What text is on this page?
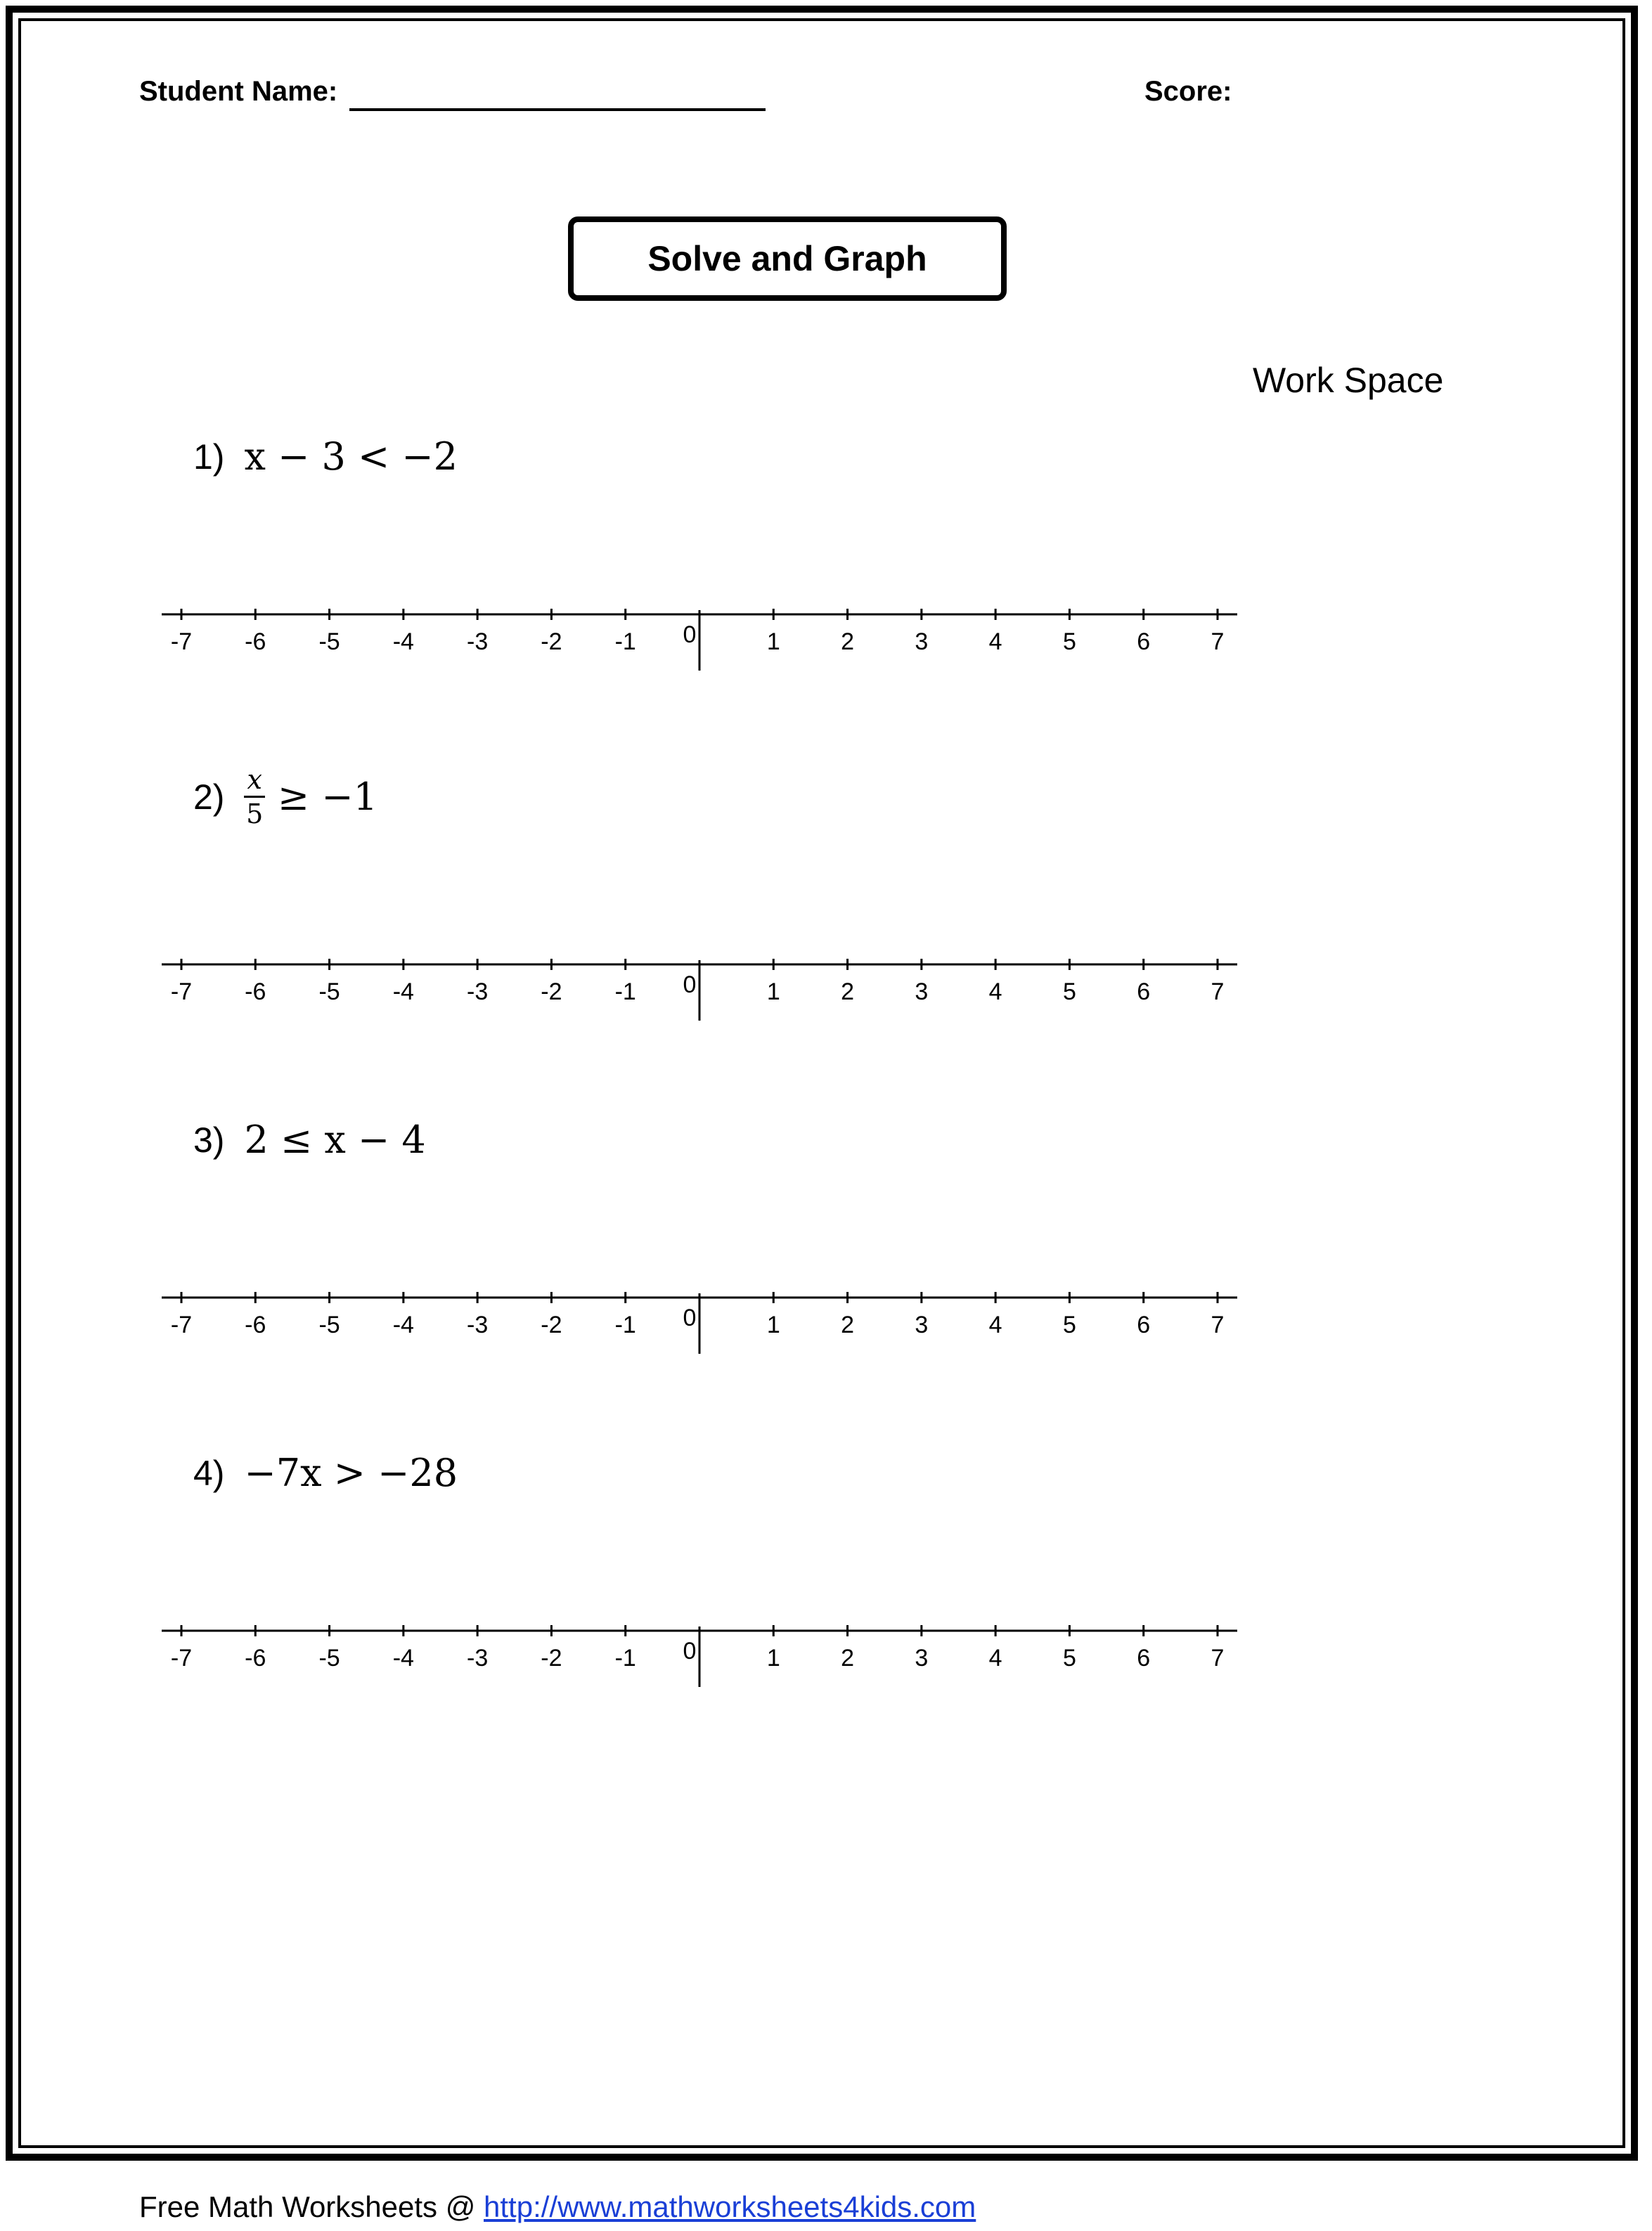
Student Name:	Score:
Solve and Graph
Work Space
1) x − 3 < −2
-7 -6 -5 -4 -3 -2 -1 0	1	2	3	4	5	6	7
$2) \frac{x}{5} \ge -1$
-7 -6 -5 -4 -3 -2 -1 0	1	2	3	4	5	6	7
3) 2 ≤ x − 4
-7 -6 -5 -4 -3 -2 -1 0	1	2	3	4	5	6	7
4) −7x > −28
-7 -6 -5 -4 -3 -2 -1 0	1	2	3	4	5	6	7
Free Math Worksheets @ http://www.mathworksheets4kids.com
